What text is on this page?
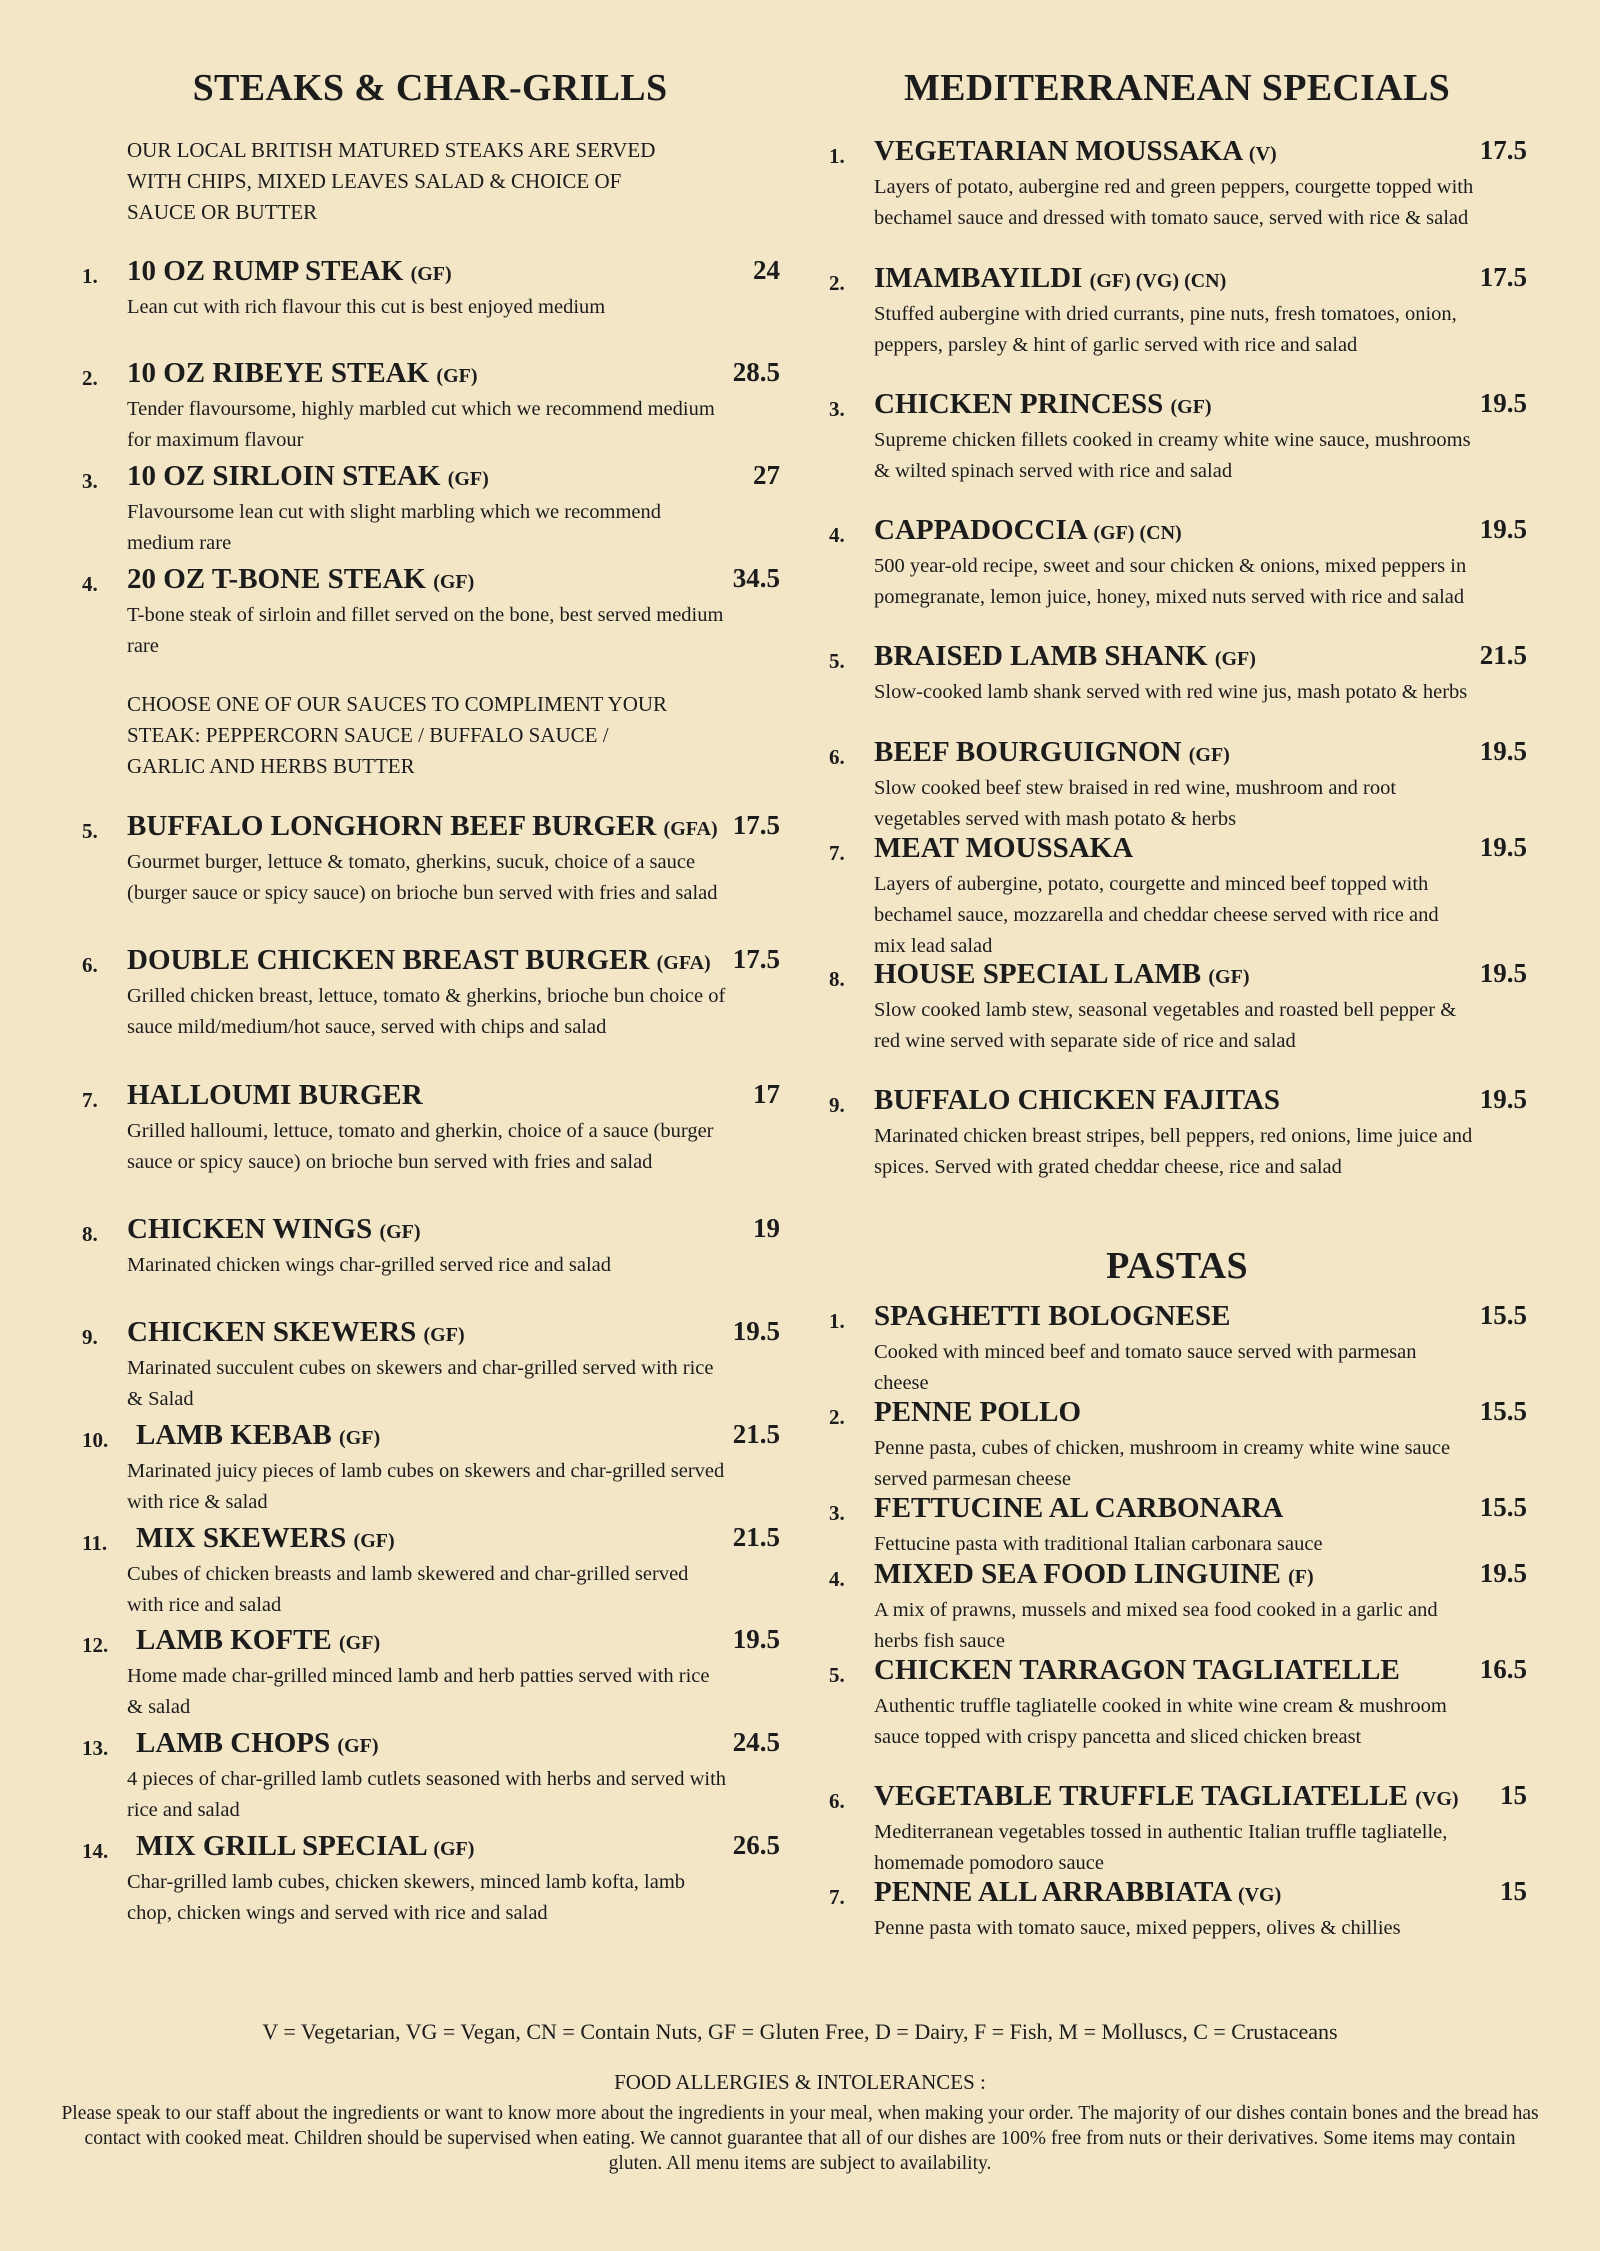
STEAKS & CHAR-GRILLS
OUR LOCAL BRITISH MATURED STEAKS ARE SERVED WITH CHIPS, MIXED LEAVES SALAD & CHOICE OF SAUCE OR BUTTER
1. 10 OZ RUMP STEAK (GF)	24
Lean cut with rich flavour this cut is best enjoyed medium
2. 10 OZ RIBEYE STEAK (GF)	28.5
Tender flavoursome, highly marbled cut which we recommend medium for maximum flavour
3. 10 OZ SIRLOIN STEAK (GF)	27
Flavoursome lean cut with slight marbling which we recommend medium rare
4. 20 OZ T-BONE STEAK (GF)	34.5
T-bone steak of sirloin and fillet served on the bone, best served medium rare
CHOOSE ONE OF OUR SAUCES TO COMPLIMENT YOUR STEAK: PEPPERCORN SAUCE / BUFFALO SAUCE / GARLIC AND HERBS BUTTER
5. BUFFALO LONGHORN BEEF BURGER (GFA) 17.5
Gourmet burger, lettuce & tomato, gherkins, sucuk, choice of a sauce (burger sauce or spicy sauce) on brioche bun served with fries and salad
6. DOUBLE CHICKEN BREAST BURGER (GFA) 17.5
Grilled chicken breast, lettuce, tomato & gherkins, brioche bun choice of sauce mild/medium/hot sauce, served with chips and salad
7. HALLOUMI BURGER	17
Grilled halloumi, lettuce, tomato and gherkin, choice of a sauce (burger sauce or spicy sauce) on brioche bun served with fries and salad
8. CHICKEN WINGS (GF)	19
Marinated chicken wings char-grilled served rice and salad
9. CHICKEN SKEWERS (GF)	19.5
Marinated succulent cubes on skewers and char-grilled served with rice & Salad
10. LAMB KEBAB (GF)	21.5
Marinated juicy pieces of lamb cubes on skewers and char-grilled served with rice & salad
11. MIX SKEWERS (GF)	21.5
Cubes of chicken breasts and lamb skewered and char-grilled served with rice and salad
12. LAMB KOFTE (GF)	19.5
Home made char-grilled minced lamb and herb patties served with rice & salad
13. LAMB CHOPS (GF)	24.5
4 pieces of char-grilled lamb cutlets seasoned with herbs and served with rice and salad
14. MIX GRILL SPECIAL (GF)	26.5
Char-grilled lamb cubes, chicken skewers, minced lamb kofta, lamb chop, chicken wings and served with rice and salad
MEDITERRANEAN SPECIALS
1. VEGETARIAN MOUSSAKA (V)	17.5
Layers of potato, aubergine red and green peppers, courgette topped with bechamel sauce and dressed with tomato sauce, served with rice & salad
2. IMAMBAYILDI (GF) (VG) (CN)	17.5
Stuffed aubergine with dried currants, pine nuts, fresh tomatoes, onion, peppers, parsley & hint of garlic served with rice and salad
3. CHICKEN PRINCESS (GF)	19.5
Supreme chicken fillets cooked in creamy white wine sauce, mushrooms & wilted spinach served with rice and salad
4. CAPPADOCCIA (GF) (CN)	19.5
500 year-old recipe, sweet and sour chicken & onions, mixed peppers in pomegranate, lemon juice, honey, mixed nuts served with rice and salad
5. BRAISED LAMB SHANK (GF)	21.5
Slow-cooked lamb shank served with red wine jus, mash potato & herbs
6. BEEF BOURGUIGNON (GF)	19.5
Slow cooked beef stew braised in red wine, mushroom and root vegetables served with mash potato & herbs
7. MEAT MOUSSAKA	19.5
Layers of aubergine, potato, courgette and minced beef topped with bechamel sauce, mozzarella and cheddar cheese served with rice and mix lead salad
8. HOUSE SPECIAL LAMB (GF)	19.5
Slow cooked lamb stew, seasonal vegetables and roasted bell pepper & red wine served with separate side of rice and salad
9. BUFFALO CHICKEN FAJITAS	19.5
Marinated chicken breast stripes, bell peppers, red onions, lime juice and spices. Served with grated cheddar cheese, rice and salad
PASTAS
1. SPAGHETTI BOLOGNESE	15.5
Cooked with minced beef and tomato sauce served with parmesan cheese
2. PENNE POLLO	15.5
Penne pasta, cubes of chicken, mushroom in creamy white wine sauce served parmesan cheese
3. FETTUCINE AL CARBONARA	15.5
Fettucine pasta with traditional Italian carbonara sauce
4. MIXED SEA FOOD LINGUINE (F)	19.5
A mix of prawns, mussels and mixed sea food cooked in a garlic and herbs fish sauce
5. CHICKEN TARRAGON TAGLIATELLE	16.5
Authentic truffle tagliatelle cooked in white wine cream & mushroom sauce topped with crispy pancetta and sliced chicken breast
6. VEGETABLE TRUFFLE TAGLIATELLE (VG) 15
Mediterranean vegetables tossed in authentic Italian truffle tagliatelle, homemade pomodoro sauce
7. PENNE ALL ARRABBIATA (VG)	15
Penne pasta with tomato sauce, mixed peppers, olives & chillies
V = Vegetarian, VG = Vegan, CN = Contain Nuts, GF = Gluten Free, D = Dairy, F = Fish, M = Molluscs, C = Crustaceans
FOOD ALLERGIES & INTOLERANCES :
Please speak to our staff about the ingredients or want to know more about the ingredients in your meal, when making your order. The majority of our dishes contain bones and the bread has contact with cooked meat. Children should be supervised when eating. We cannot guarantee that all of our dishes are 100% free from nuts or their derivatives. Some items may contain gluten. All menu items are subject to availability.
